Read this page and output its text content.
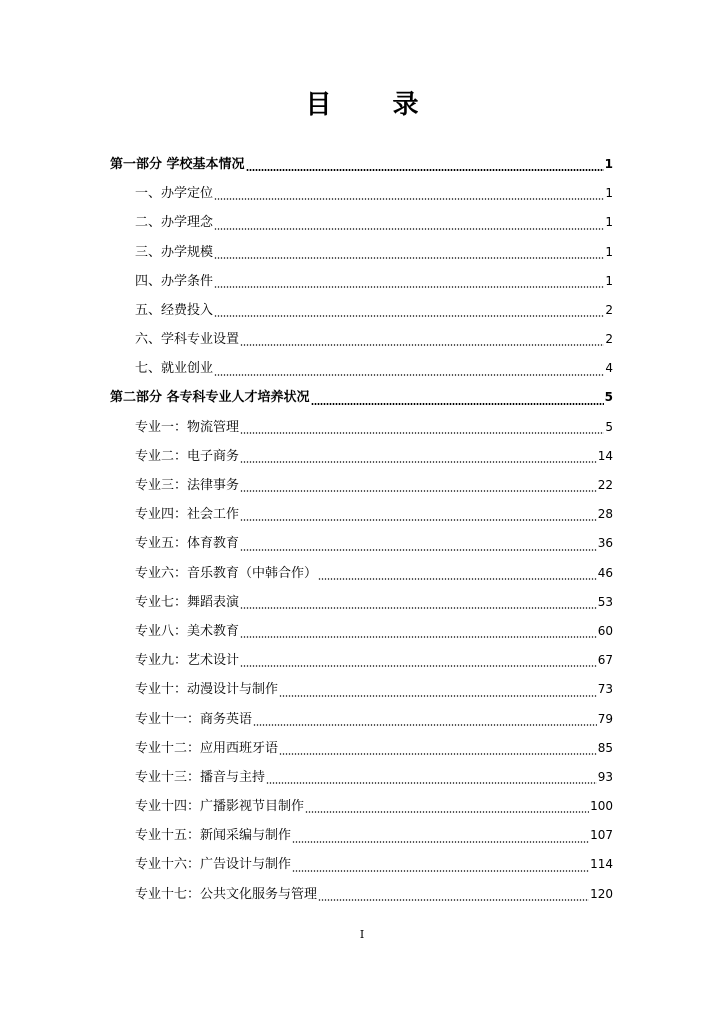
目 录
第一部分 学校基本情况	1
一、办学定位	1
二、办学理念	1
三、办学规模	1
四、办学条件	1
五、经费投入	2
六、学科专业设置	2
七、就业创业	4
第二部分 各专科专业人才培养状况	5
专业一：物流管理	5
专业二：电子商务	14
专业三：法律事务	22
专业四：社会工作	28
专业五：体育教育	36
专业六：音乐教育（中韩合作）	46
专业七：舞蹈表演	53
专业八：美术教育	60
专业九：艺术设计	67
专业十：动漫设计与制作	73
专业十一：商务英语	79
专业十二：应用西班牙语	85
专业十三：播音与主持	93
专业十四：广播影视节目制作	100
专业十五：新闻采编与制作	107
专业十六：广告设计与制作	114
专业十七：公共文化服务与管理	120
I
